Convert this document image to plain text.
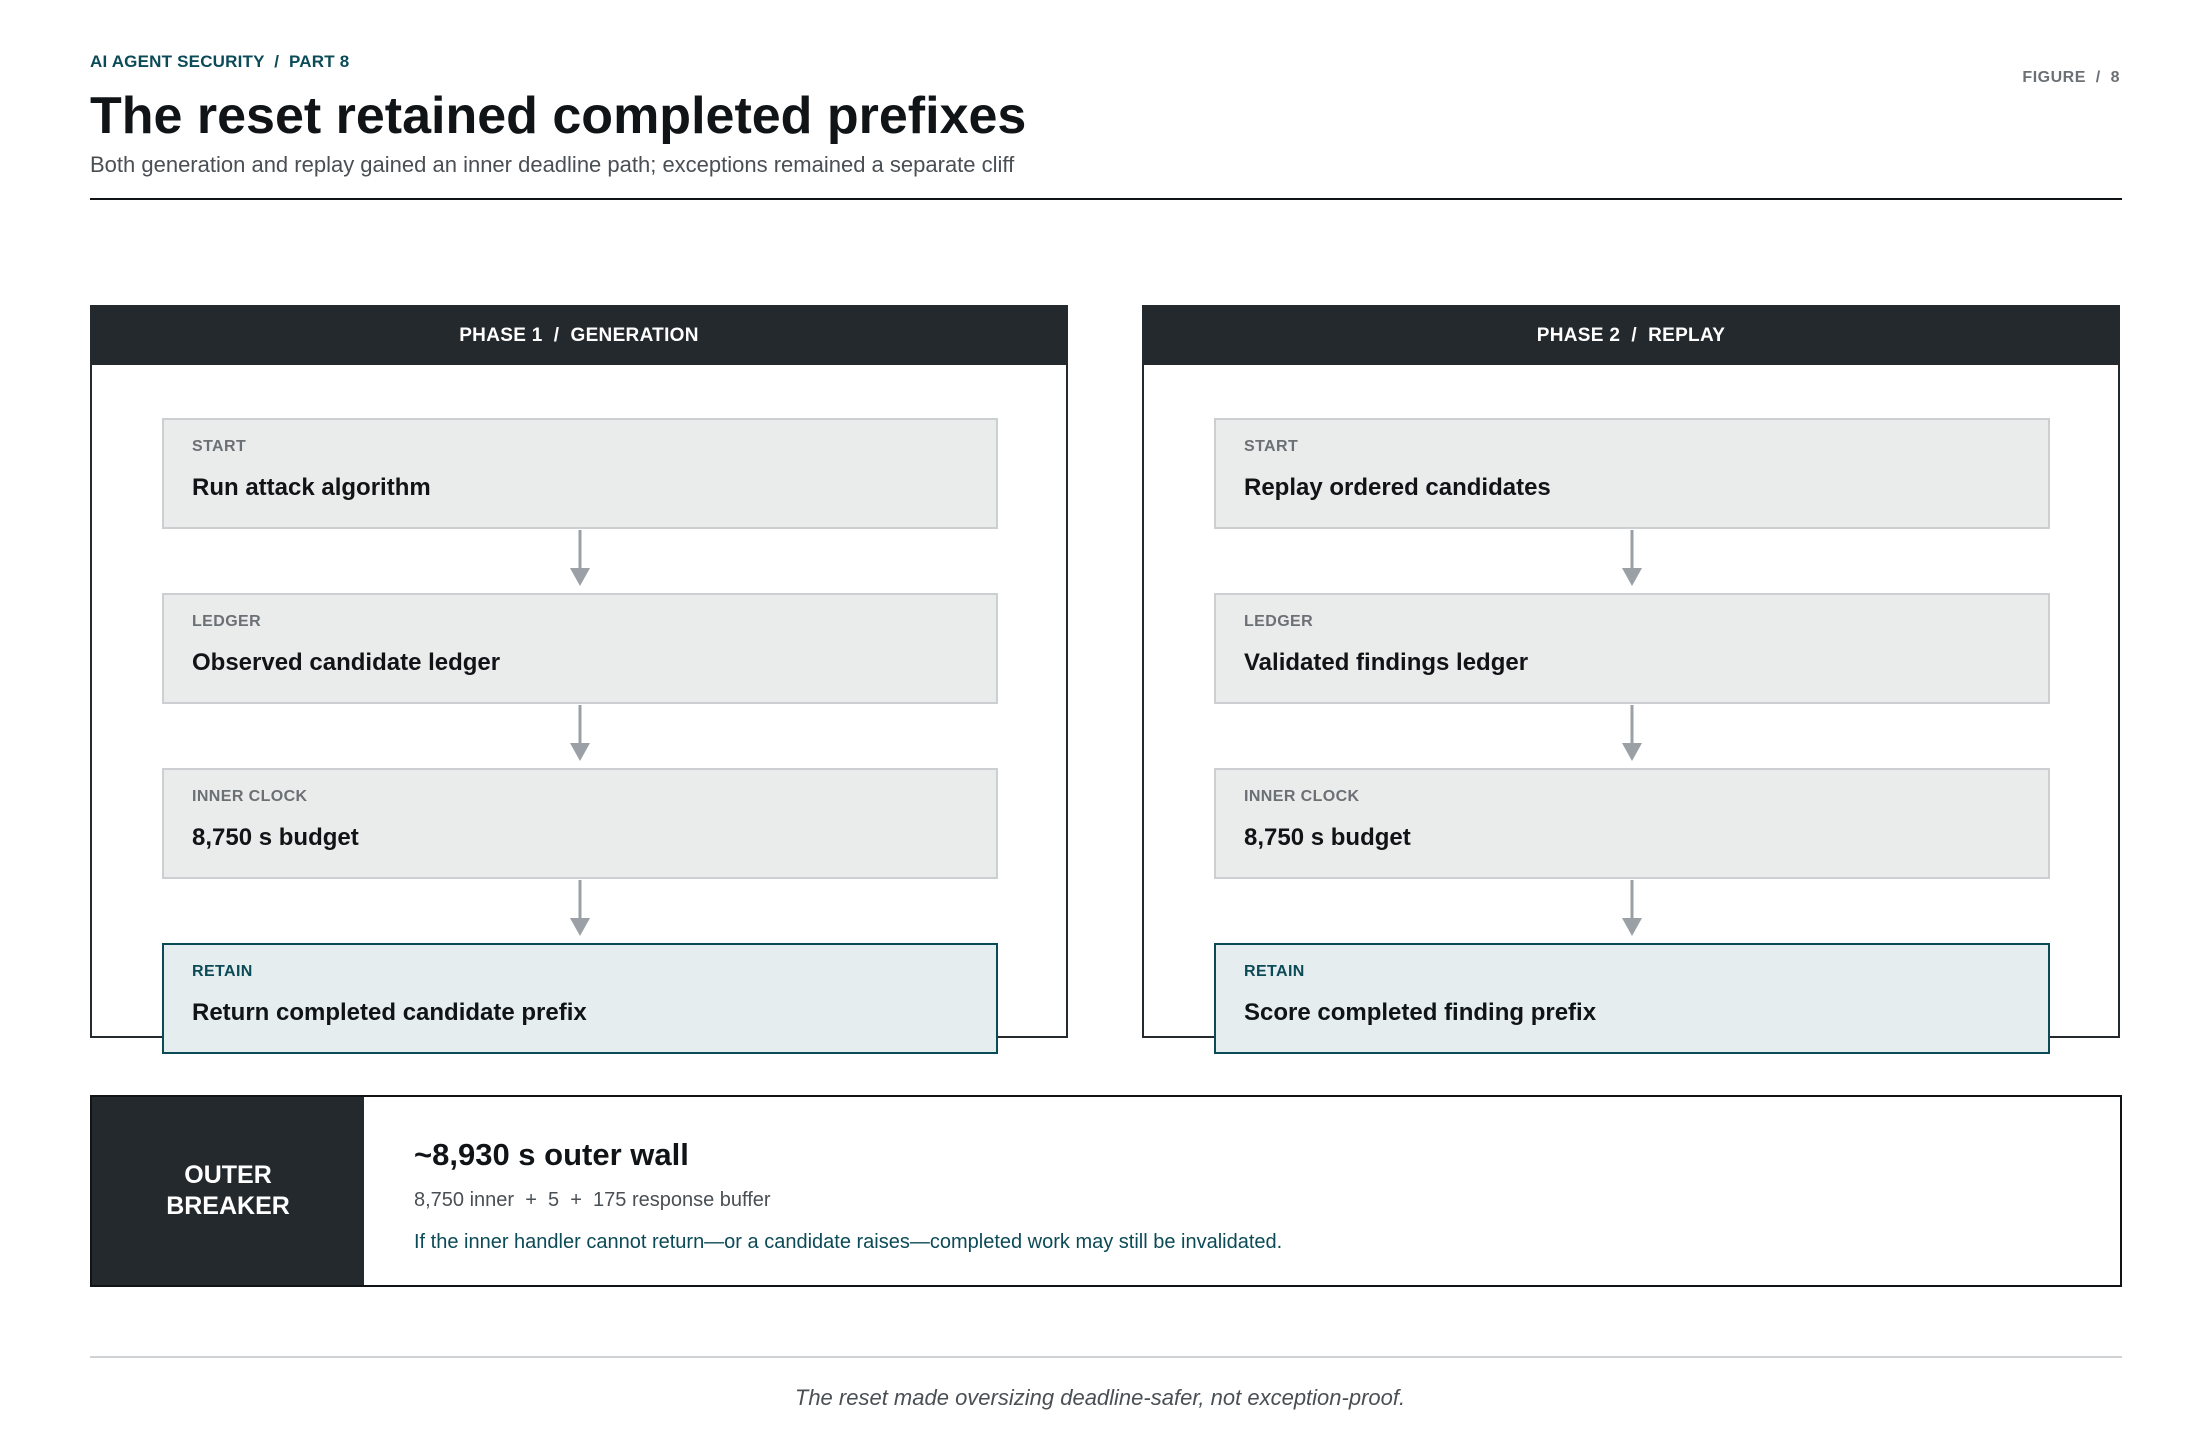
AI AGENT SECURITY  /  PART 8
The reset retained completed prefixes
Both generation and replay gained an inner deadline path; exceptions remained a separate cliff
FIGURE  /  8
PHASE 1  /  GENERATION	PHASE 2  /  REPLAY
START
Run attack algorithm
LEDGER
Observed candidate ledger
INNER CLOCK
8,750 s budget
RETAIN
Return completed candidate prefix
START
Replay ordered candidates
LEDGER
Validated findings ledger
INNER CLOCK
8,750 s budget
RETAIN
Score completed finding prefix
OUTER
BREAKER
~8,930 s outer wall
8,750 inner  +  5  +  175 response buffer
If the inner handler cannot return—or a candidate raises—completed work may still be invalidated.
The reset made oversizing deadline-safer, not exception-proof.
